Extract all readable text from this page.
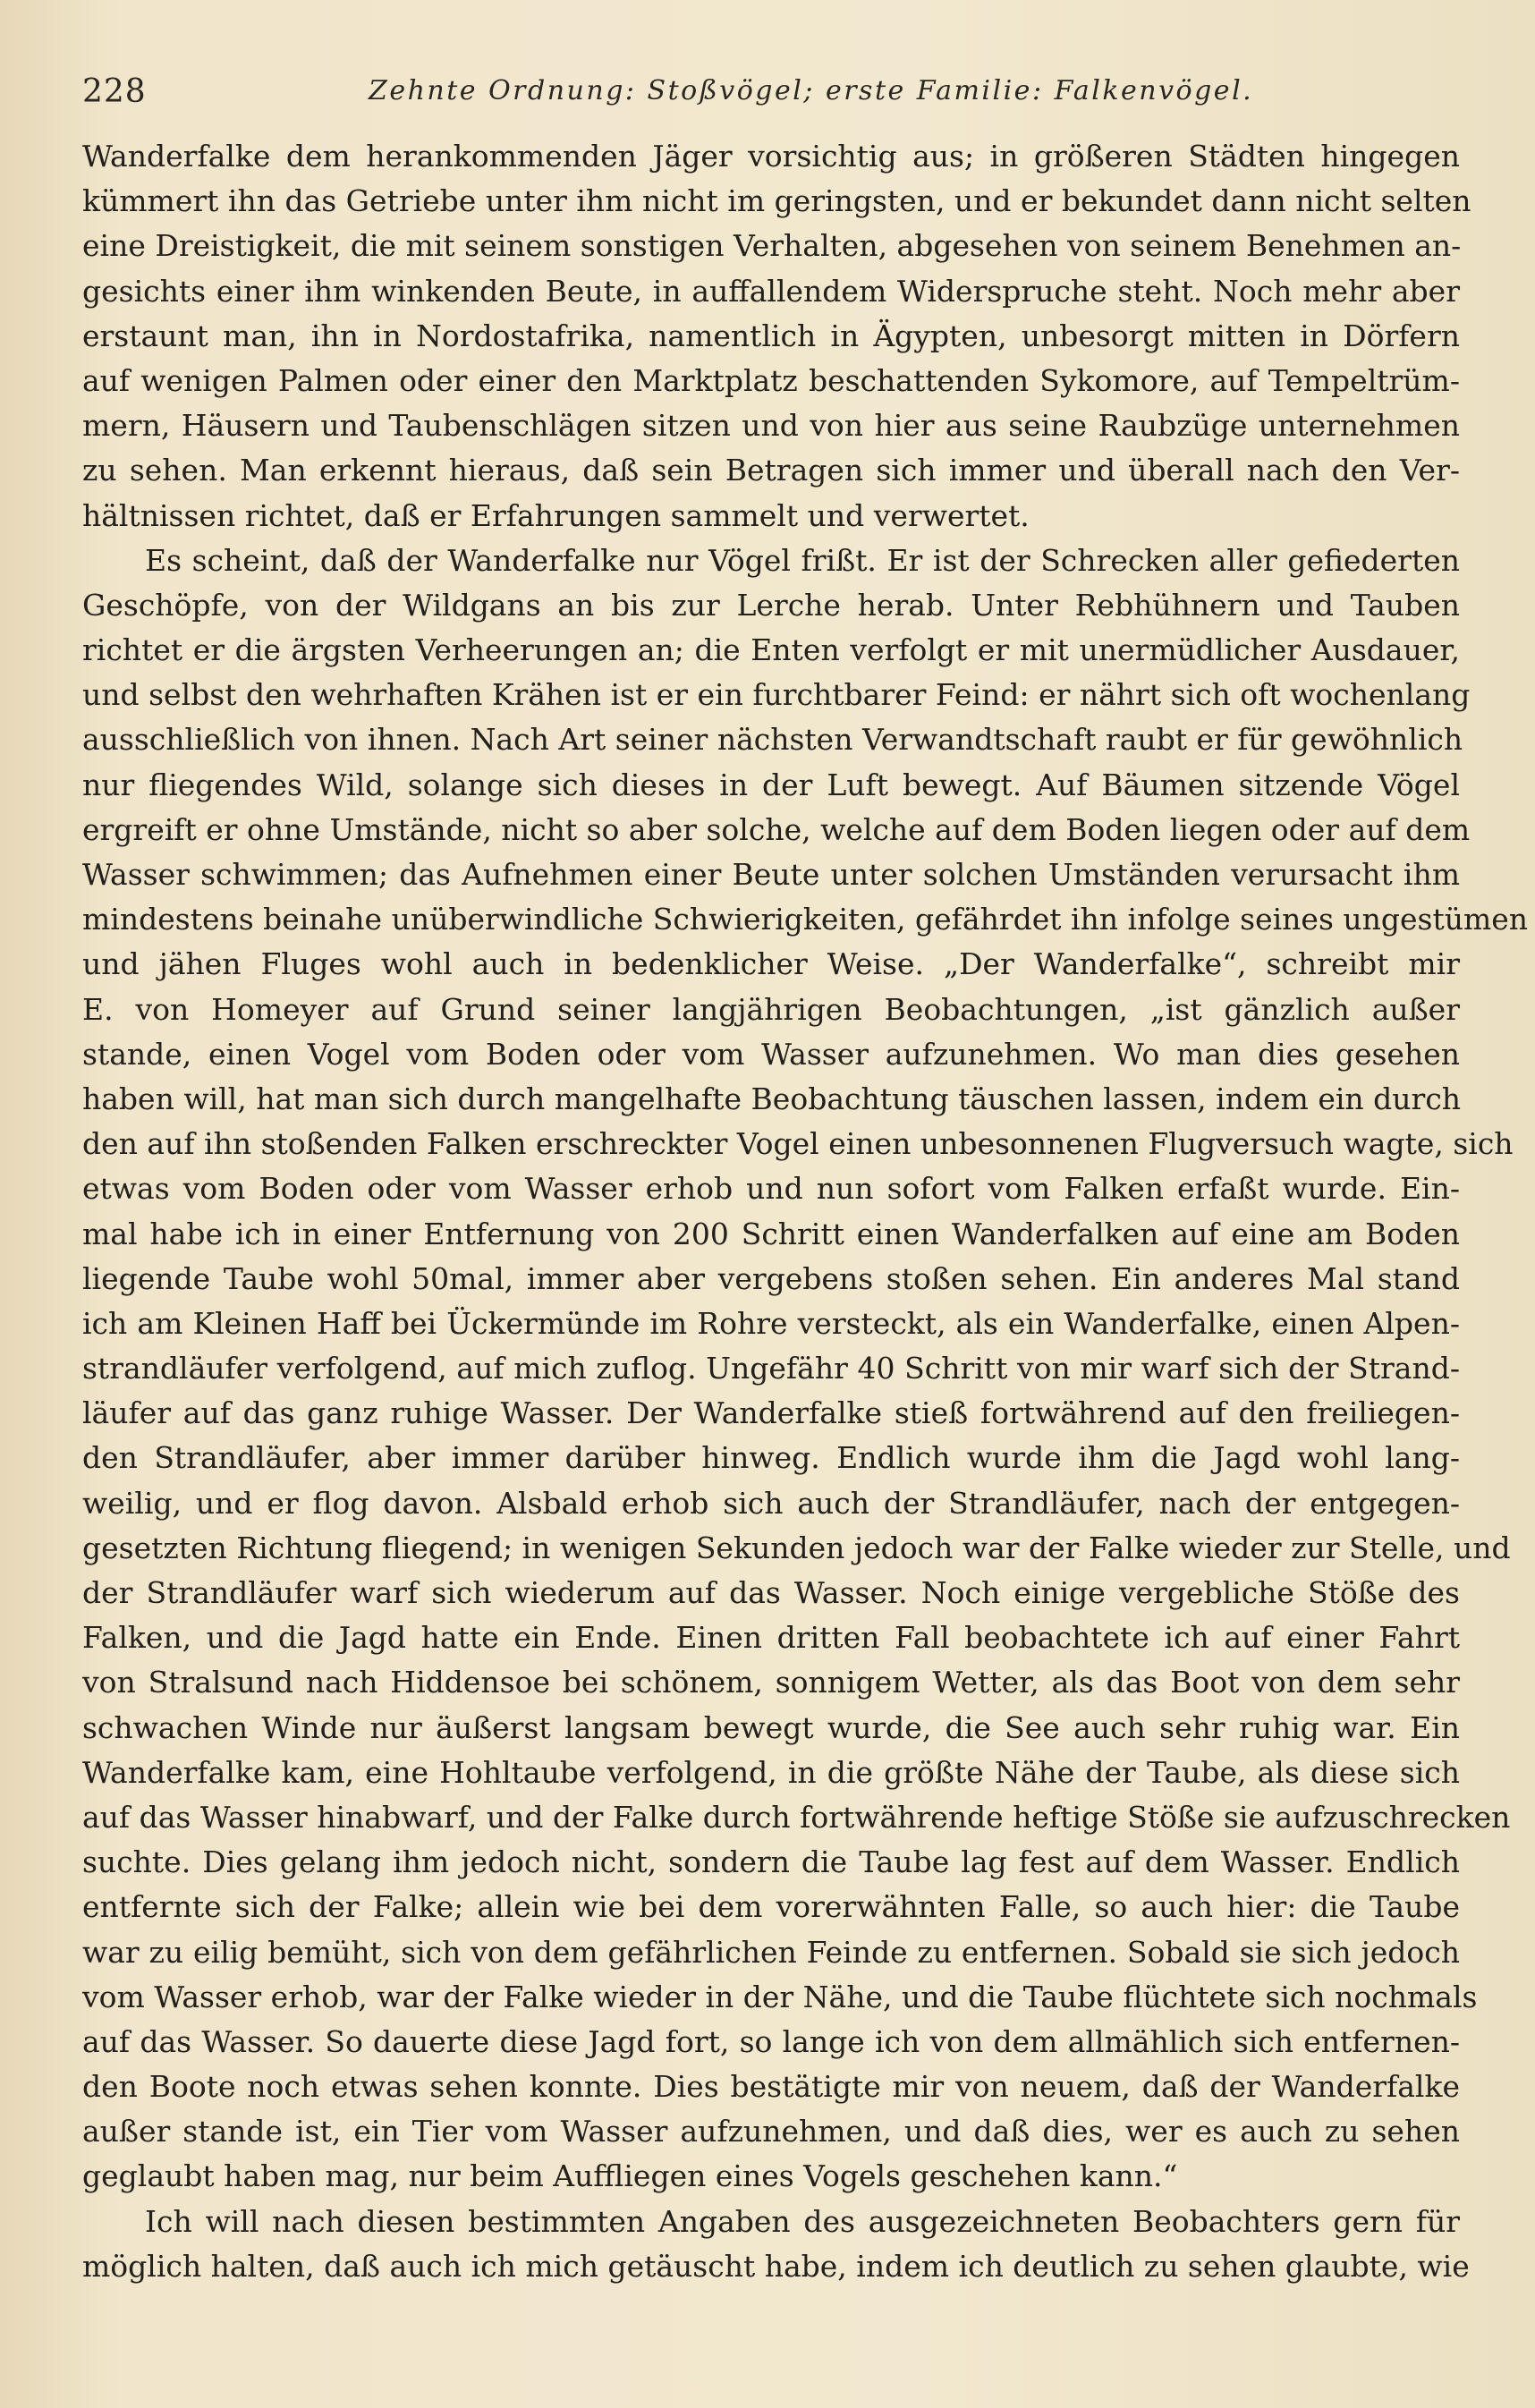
228	Zehnte Ordnung: Stoßvögel; erste Familie: Falkenvögel.
Wanderfalke dem herankommenden Jäger vorsichtig aus; in größeren Städten hingegen
kümmert ihn das Getriebe unter ihm nicht im geringsten, und er bekundet dann nicht selten
eine Dreistigkeit, die mit seinem sonstigen Verhalten, abgesehen von seinem Benehmen an-
gesichts einer ihm winkenden Beute, in auffallendem Widerspruche steht. Noch mehr aber
erstaunt man, ihn in Nordostafrika, namentlich in Ägypten, unbesorgt mitten in Dörfern
auf wenigen Palmen oder einer den Marktplatz beschattenden Sykomore, auf Tempeltrüm-
mern, Häusern und Taubenschlägen sitzen und von hier aus seine Raubzüge unternehmen
zu sehen. Man erkennt hieraus, daß sein Betragen sich immer und überall nach den Ver-
hältnissen richtet, daß er Erfahrungen sammelt und verwertet.
Es scheint, daß der Wanderfalke nur Vögel frißt. Er ist der Schrecken aller gefiederten
Geschöpfe, von der Wildgans an bis zur Lerche herab. Unter Rebhühnern und Tauben
richtet er die ärgsten Verheerungen an; die Enten verfolgt er mit unermüdlicher Ausdauer,
und selbst den wehrhaften Krähen ist er ein furchtbarer Feind: er nährt sich oft wochenlang
ausschließlich von ihnen. Nach Art seiner nächsten Verwandtschaft raubt er für gewöhnlich
nur fliegendes Wild, solange sich dieses in der Luft bewegt. Auf Bäumen sitzende Vögel
ergreift er ohne Umstände, nicht so aber solche, welche auf dem Boden liegen oder auf dem
Wasser schwimmen; das Aufnehmen einer Beute unter solchen Umständen verursacht ihm
mindestens beinahe unüberwindliche Schwierigkeiten, gefährdet ihn infolge seines ungestümen
und jähen Fluges wohl auch in bedenklicher Weise. „Der Wanderfalke“, schreibt mir
E. von Homeyer auf Grund seiner langjährigen Beobachtungen, „ist gänzlich außer
stande, einen Vogel vom Boden oder vom Wasser aufzunehmen. Wo man dies gesehen
haben will, hat man sich durch mangelhafte Beobachtung täuschen lassen, indem ein durch
den auf ihn stoßenden Falken erschreckter Vogel einen unbesonnenen Flugversuch wagte, sich
etwas vom Boden oder vom Wasser erhob und nun sofort vom Falken erfaßt wurde. Ein-
mal habe ich in einer Entfernung von 200 Schritt einen Wanderfalken auf eine am Boden
liegende Taube wohl 50mal, immer aber vergebens stoßen sehen. Ein anderes Mal stand
ich am Kleinen Haff bei Ückermünde im Rohre versteckt, als ein Wanderfalke, einen Alpen-
strandläufer verfolgend, auf mich zuflog. Ungefähr 40 Schritt von mir warf sich der Strand-
läufer auf das ganz ruhige Wasser. Der Wanderfalke stieß fortwährend auf den freiliegen-
den Strandläufer, aber immer darüber hinweg. Endlich wurde ihm die Jagd wohl lang-
weilig, und er flog davon. Alsbald erhob sich auch der Strandläufer, nach der entgegen-
gesetzten Richtung fliegend; in wenigen Sekunden jedoch war der Falke wieder zur Stelle, und
der Strandläufer warf sich wiederum auf das Wasser. Noch einige vergebliche Stöße des
Falken, und die Jagd hatte ein Ende. Einen dritten Fall beobachtete ich auf einer Fahrt
von Stralsund nach Hiddensoe bei schönem, sonnigem Wetter, als das Boot von dem sehr
schwachen Winde nur äußerst langsam bewegt wurde, die See auch sehr ruhig war. Ein
Wanderfalke kam, eine Hohltaube verfolgend, in die größte Nähe der Taube, als diese sich
auf das Wasser hinabwarf, und der Falke durch fortwährende heftige Stöße sie aufzuschrecken
suchte. Dies gelang ihm jedoch nicht, sondern die Taube lag fest auf dem Wasser. Endlich
entfernte sich der Falke; allein wie bei dem vorerwähnten Falle, so auch hier: die Taube
war zu eilig bemüht, sich von dem gefährlichen Feinde zu entfernen. Sobald sie sich jedoch
vom Wasser erhob, war der Falke wieder in der Nähe, und die Taube flüchtete sich nochmals
auf das Wasser. So dauerte diese Jagd fort, so lange ich von dem allmählich sich entfernen-
den Boote noch etwas sehen konnte. Dies bestätigte mir von neuem, daß der Wanderfalke
außer stande ist, ein Tier vom Wasser aufzunehmen, und daß dies, wer es auch zu sehen
geglaubt haben mag, nur beim Auffliegen eines Vogels geschehen kann.“
Ich will nach diesen bestimmten Angaben des ausgezeichneten Beobachters gern für
möglich halten, daß auch ich mich getäuscht habe, indem ich deutlich zu sehen glaubte, wie
